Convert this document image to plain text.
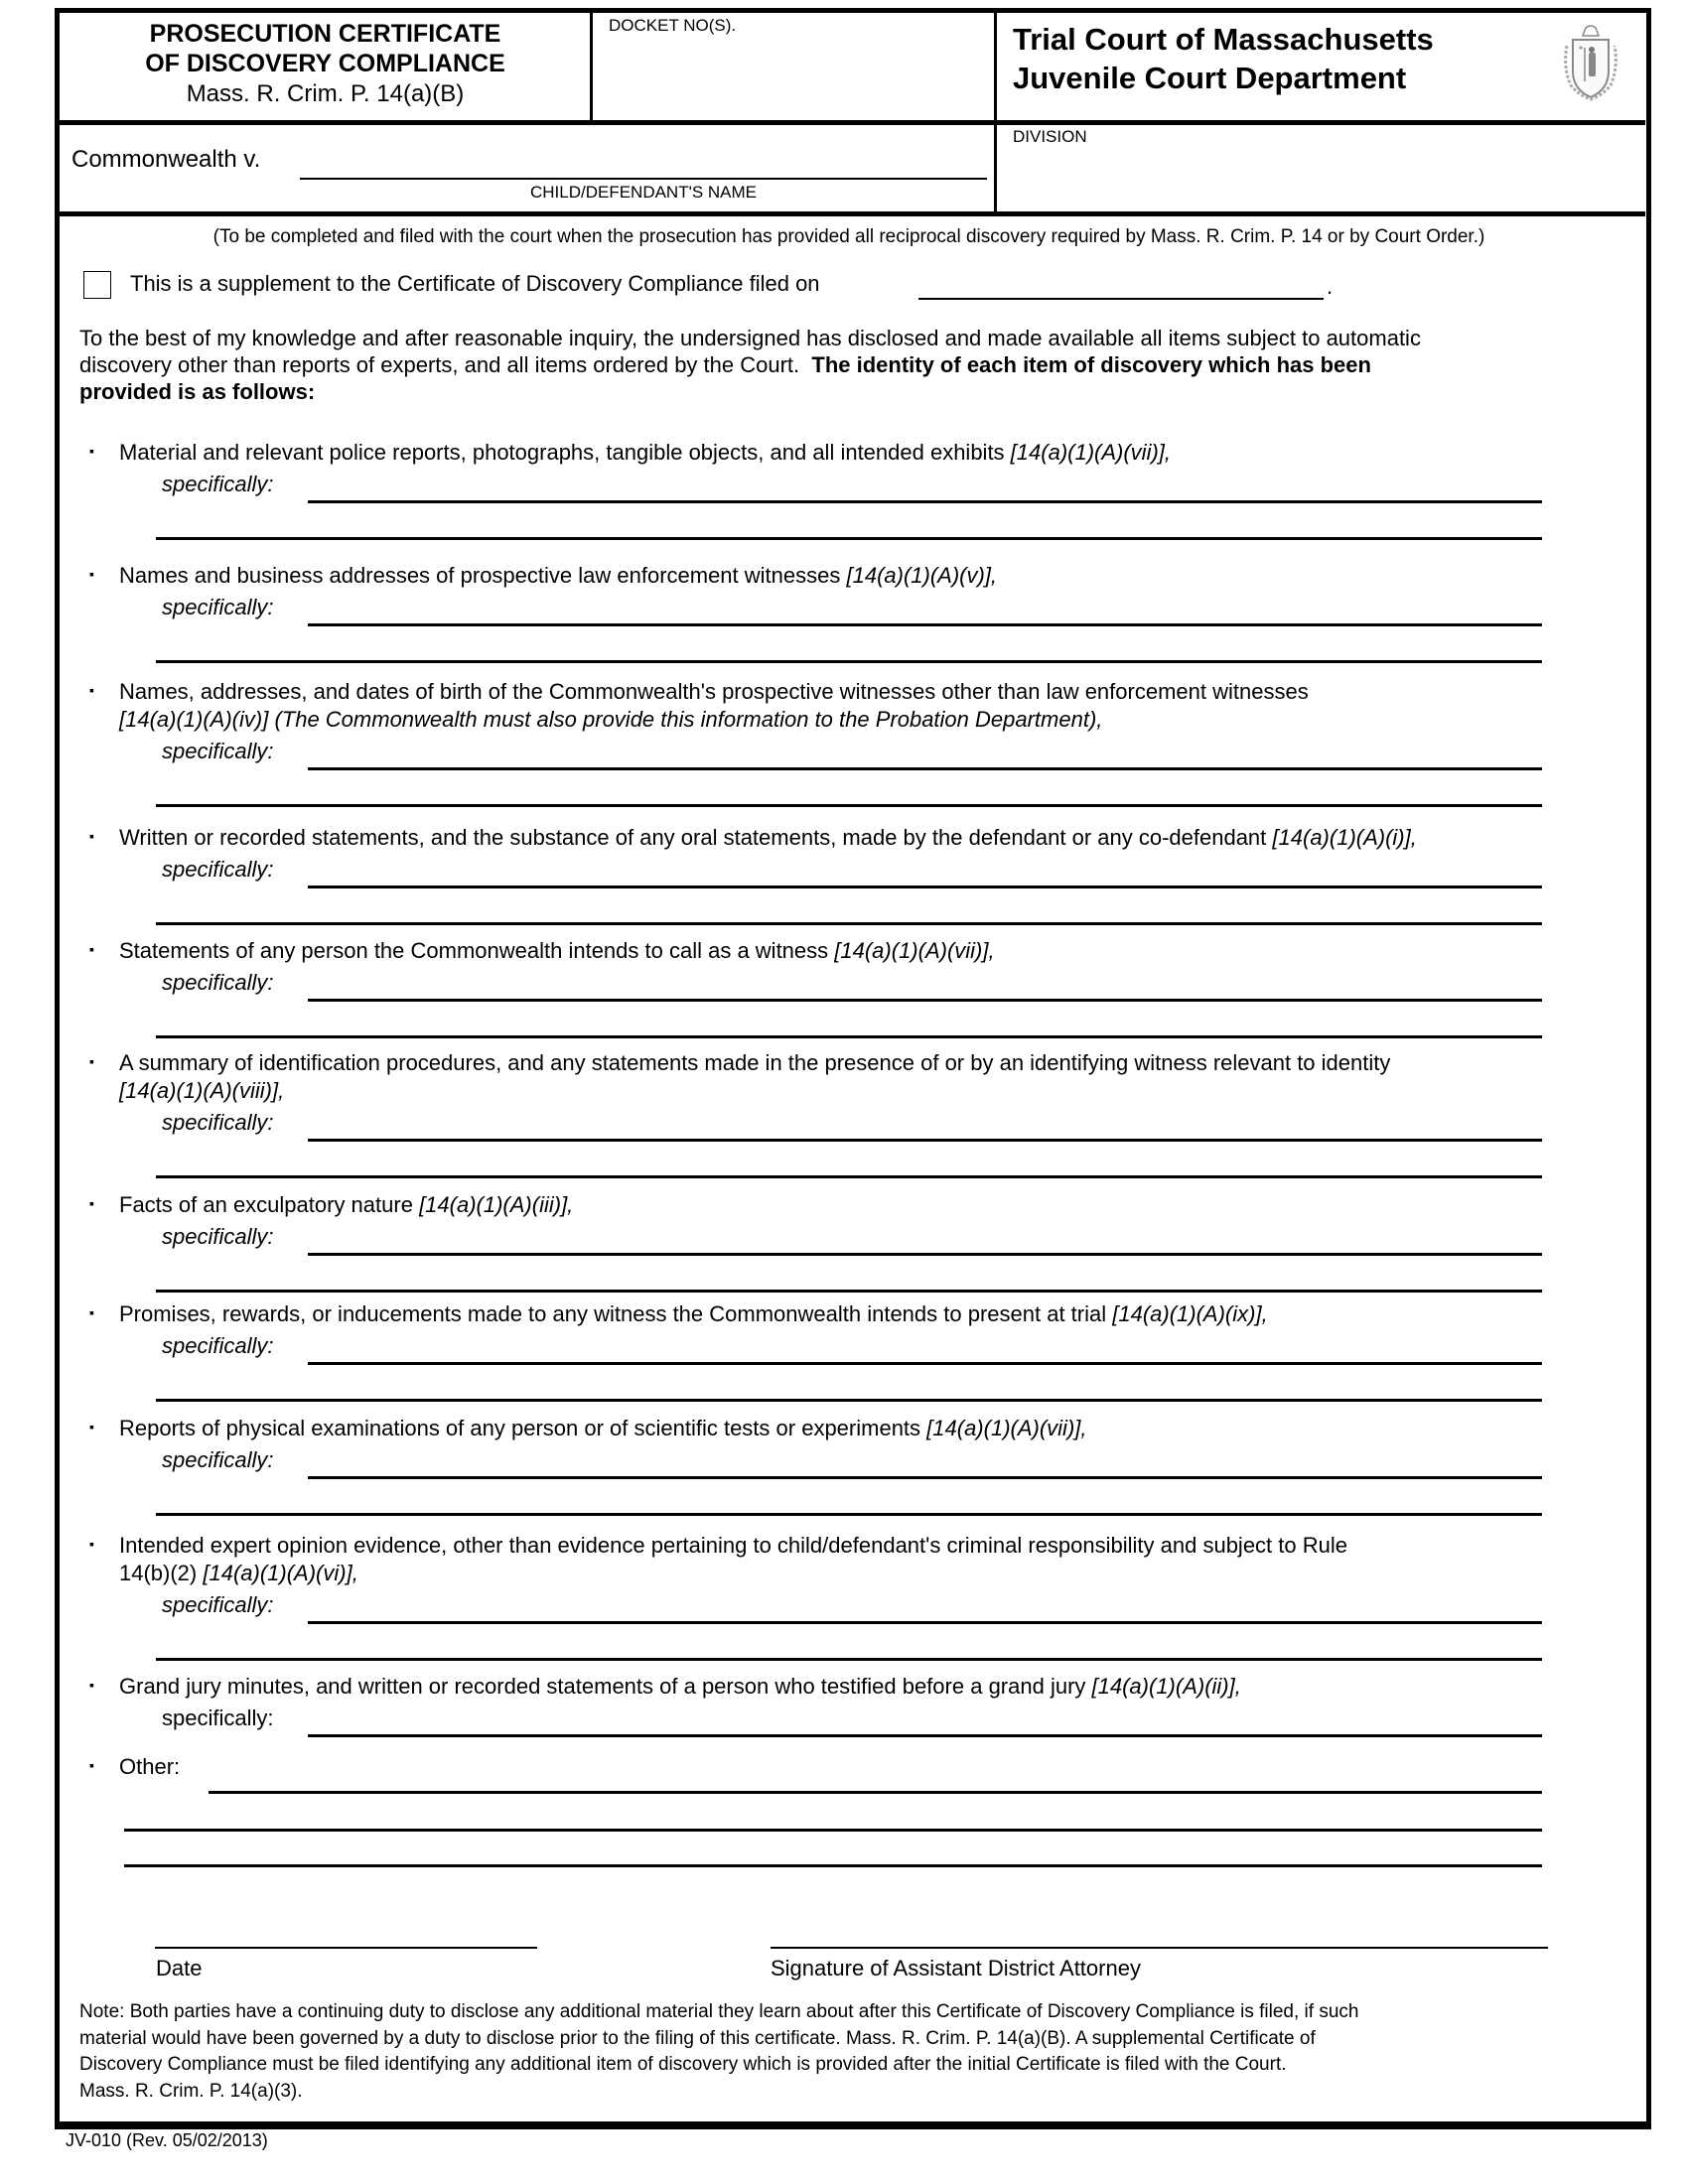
PROSECUTION CERTIFICATE
OF DISCOVERY COMPLIANCE
Mass. R. Crim. P. 14(a)(B)
DOCKET NO(S).	Trial Court of Massachusetts
Juvenile Court Department
Commonwealth v.
CHILD/DEFENDANT'S NAME
DIVISION
(To be completed and filed with the court when the prosecution has provided all reciprocal discovery required by Mass. R. Crim. P. 14 or by Court Order.)
This is a supplement to the Certificate of Discovery Compliance filed on	.
To the best of my knowledge and after reasonable inquiry, the undersigned has disclosed and made available all items subject to automatic
discovery other than reports of experts, and all items ordered by the Court. The identity of each item of discovery which has been
provided is as follows:
▪ Material and relevant police reports, photographs, tangible objects, and all intended exhibits [14(a)(1)(A)(vii)],
specifically:
▪ Names and business addresses of prospective law enforcement witnesses [14(a)(1)(A)(v)],
specifically:
▪ Names, addresses, and dates of birth of the Commonwealth's prospective witnesses other than law enforcement witnesses
[14(a)(1)(A)(iv)] (The Commonwealth must also provide this information to the Probation Department),
specifically:
▪ Written or recorded statements, and the substance of any oral statements, made by the defendant or any co-defendant [14(a)(1)(A)(i)],
specifically:
▪ Statements of any person the Commonwealth intends to call as a witness [14(a)(1)(A)(vii)],
specifically:
▪ A summary of identification procedures, and any statements made in the presence of or by an identifying witness relevant to identity
[14(a)(1)(A)(viii)],
specifically:
▪ Facts of an exculpatory nature [14(a)(1)(A)(iii)],
specifically:
▪ Promises, rewards, or inducements made to any witness the Commonwealth intends to present at trial [14(a)(1)(A)(ix)],
specifically:
▪ Reports of physical examinations of any person or of scientific tests or experiments [14(a)(1)(A)(vii)],
specifically:
▪ Intended expert opinion evidence, other than evidence pertaining to child/defendant's criminal responsibility and subject to Rule
14(b)(2) [14(a)(1)(A)(vi)],
specifically:
▪ Grand jury minutes, and written or recorded statements of a person who testified before a grand jury [14(a)(1)(A)(ii)],
specifically:
▪ Other:
Date	Signature of Assistant District Attorney
Note: Both parties have a continuing duty to disclose any additional material they learn about after this Certificate of Discovery Compliance is filed, if such
material would have been governed by a duty to disclose prior to the filing of this certificate. Mass. R. Crim. P. 14(a)(B). A supplemental Certificate of
Discovery Compliance must be filed identifying any additional item of discovery which is provided after the initial Certificate is filed with the Court.
Mass. R. Crim. P. 14(a)(3).
JV-010 (Rev. 05/02/2013)
